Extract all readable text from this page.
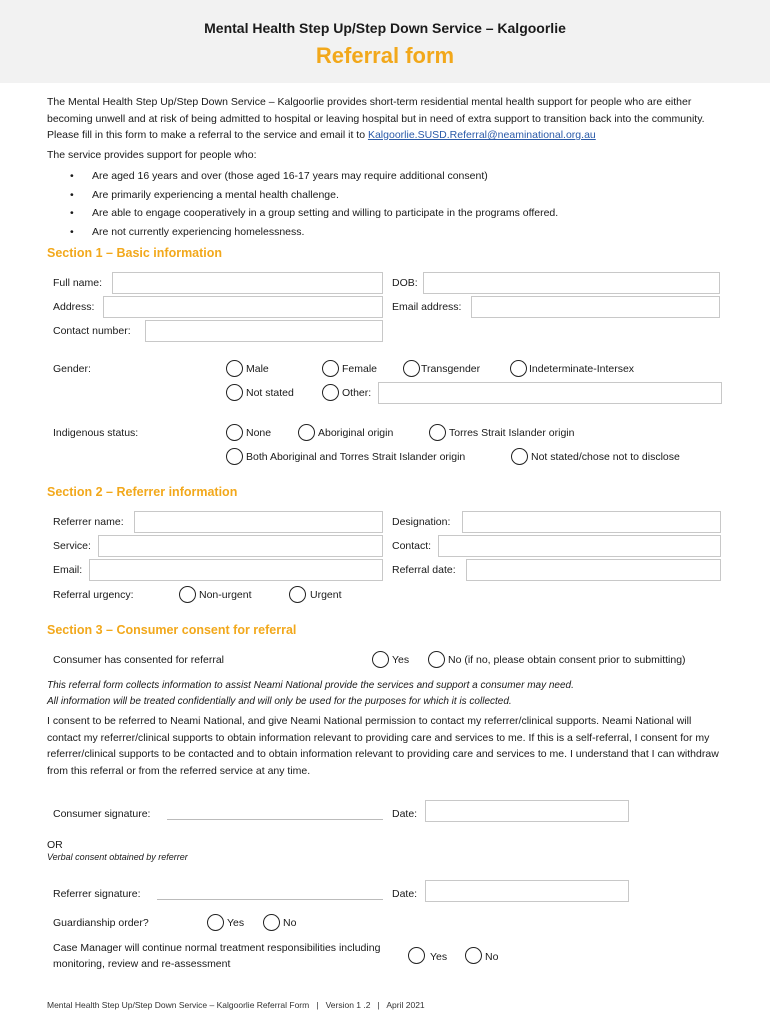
Mental Health Step Up/Step Down Service – Kalgoorlie
Referral form
The Mental Health Step Up/Step Down Service – Kalgoorlie provides short-term residential mental health support for people who are either becoming unwell and at risk of being admitted to hospital or leaving hospital but in need of extra support to transition back into the community. Please fill in this form to make a referral to the service and email it to Kalgoorlie.SUSD.Referral@neaminational.org.au
The service provides support for people who:
• Are aged 16 years and over (those aged 16-17 years may require additional consent)
• Are primarily experiencing a mental health challenge.
• Are able to engage cooperatively in a group setting and willing to participate in the programs offered.
• Are not currently experiencing homelessness.
Section 1 – Basic information
Full name:	DOB:
Address:	Email address:
Contact number:
Gender:	Male	Female	Transgender	Indeterminate-Intersex
Not stated	Other:
Indigenous status:	None	Aboriginal origin	Torres Strait Islander origin
Both Aboriginal and Torres Strait Islander origin	Not stated/chose not to disclose
Section 2 – Referrer information
Referrer name:	Designation:
Service:	Contact:
Email:	Referral date:
Referral urgency:	Non-urgent	Urgent
Section 3 – Consumer consent for referral
Consumer has consented for referral	Yes	No (if no, please obtain consent prior to submitting)
This referral form collects information to assist Neami National provide the services and support a consumer may need.
All information will be treated confidentially and will only be used for the purposes for which it is collected.
I consent to be referred to Neami National, and give Neami National permission to contact my referrer/clinical supports. Neami National will contact my referrer/clinical supports to obtain information relevant to providing care and services to me. If this is a self-referral, I consent for my referrer/clinical supports to be contacted and to obtain information relevant to providing care and services to me. I understand that I can withdraw from this referral or from the referred service at any time.
Consumer signature:	Date:
OR
Verbal consent obtained by referrer
Referrer signature:	Date:
Guardianship order?	Yes	No
Case Manager will continue normal treatment responsibilities including monitoring, review and re-assessment
Yes	No
Mental Health Step Up/Step Down Service – Kalgoorlie Referral Form   |   Version 1 .2   |   April 2021
